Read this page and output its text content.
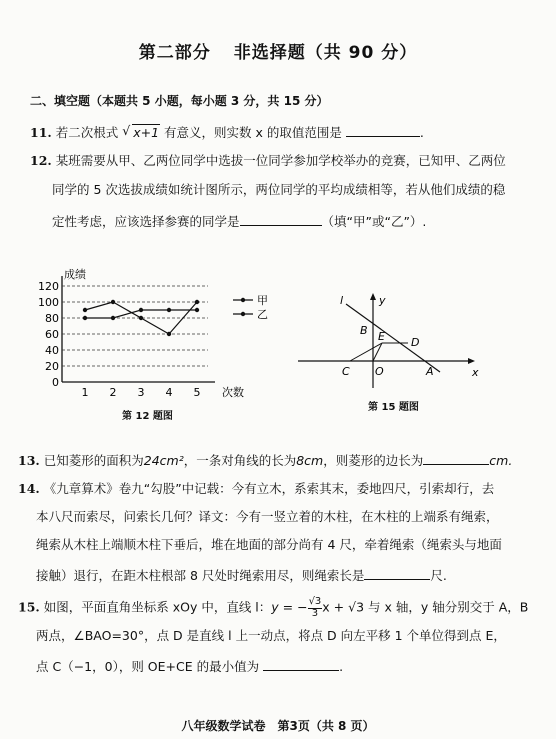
第二部分 非选择题（共 90 分）
二、填空题（本题共 5 小题，每小题 3 分，共 15 分）
11. 若二次根式 √ x+1 有意义，则实数 x 的取值范围是	.
12. 某班需要从甲、乙两位同学中选拔一位同学参加学校举办的竞赛，已知甲、乙两位
同学的 5 次选拔成绩如统计图所示，两位同学的平均成绩相等，若从他们成绩的稳
定性考虑，应该选择参赛的同学是	（填“甲”或“乙”）.
0
20
40
60
80
100
120
成绩
1 2 3 4 5 次数
甲
乙
第 12 题图
l	y
x
B E D
C O	A
第 15 题图
13. 已知菱形的面积为24cm²，一条对角线的长为8cm，则菱形的边长为	cm.
14. 《九章算术》卷九“勾股”中记载：今有立木，系索其末，委地四尺，引索却行，去
本八尺而索尽，问索长几何？译文：今有一竖立着的木柱，在木柱的上端系有绳索，
绳索从木柱上端顺木柱下垂后，堆在地面的部分尚有 4 尺，牵着绳索（绳索头与地面
接触）退行，在距木柱根部 8 尺处时绳索用尽，则绳索长是	尺.
15. 如图，平面直角坐标系 xOy 中，直线 l：y = − $\frac{√3}{3}x + √3$ 与 x 轴，y 轴分别交于 A，B
两点，∠BAO=30°，点 D 是直线 l 上一动点，将点 D 向左平移 1 个单位得到点 E，
点 C（−1，0），则 OE+CE 的最小值为	.
八年级数学试卷　第3页（共 8 页）
